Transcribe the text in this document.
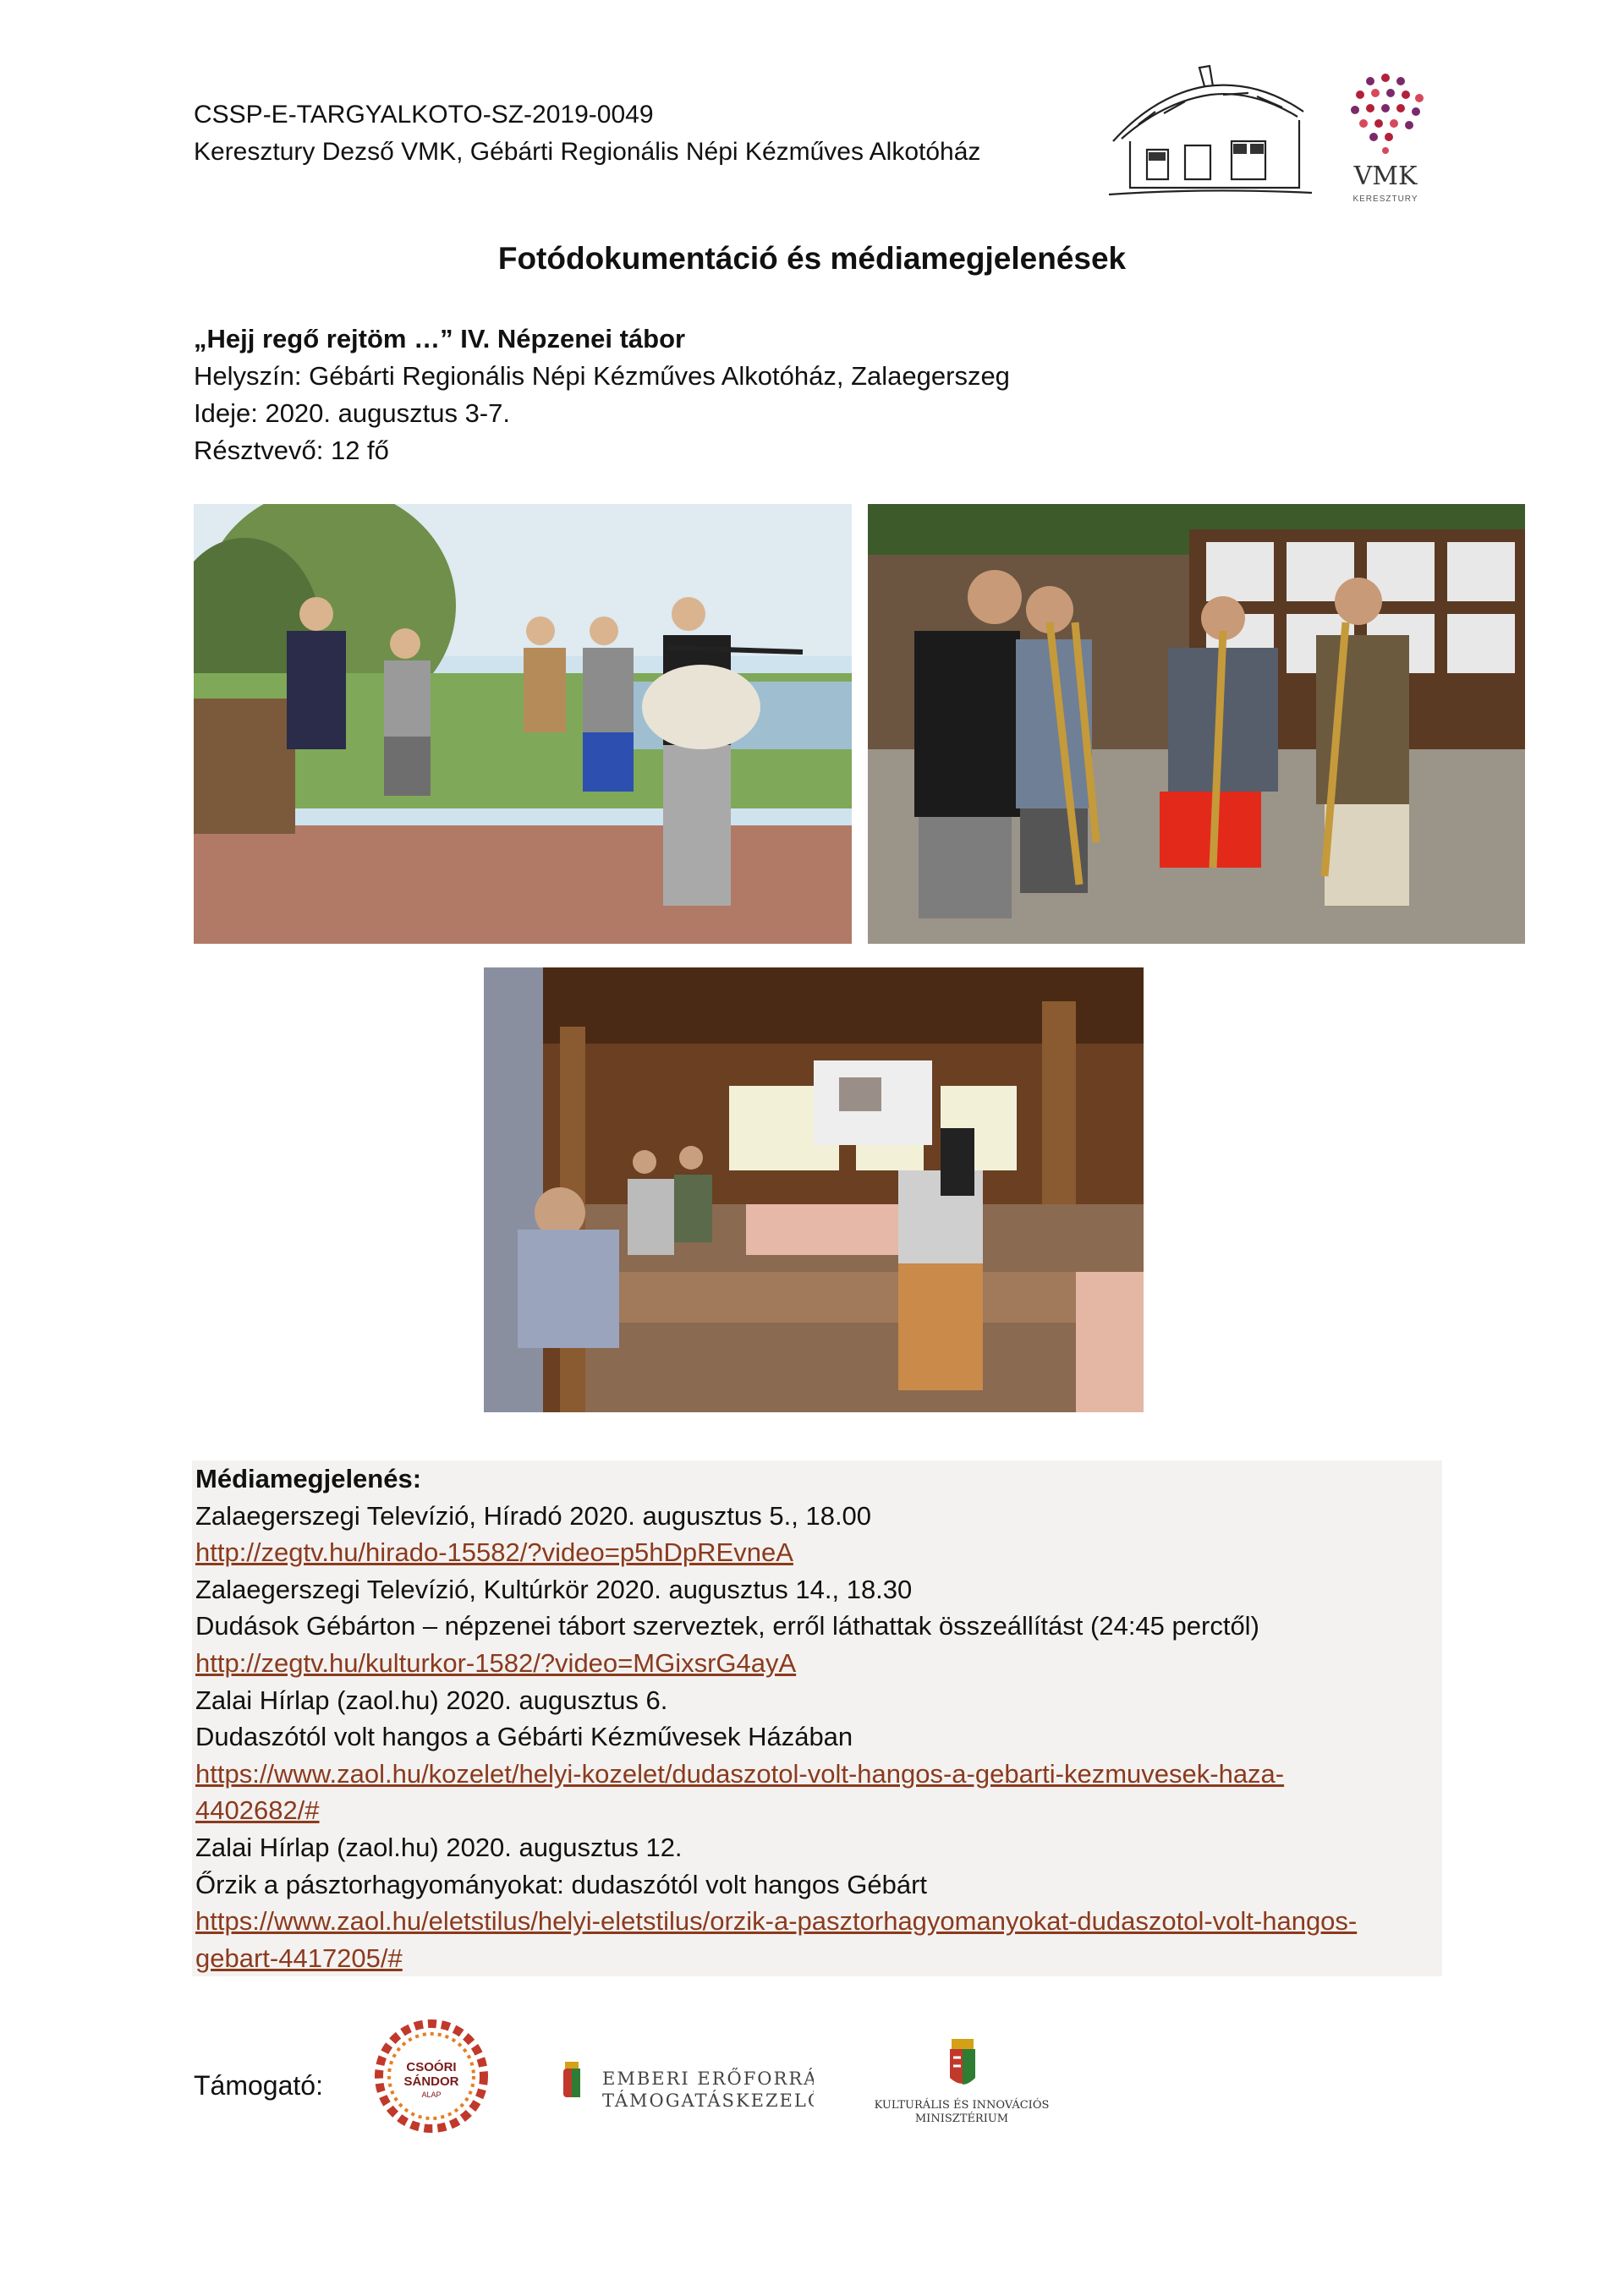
CSSP-E-TARGYALKOTO-SZ-2019-0049
Keresztury Dezső VMK, Gébárti Regionális Népi Kézműves Alkotóház
VMK
KERESZTURY
Fotódokumentáció és médiamegjelenések
„Hejj regő rejtöm …” IV. Népzenei tábor
Helyszín: Gébárti Regionális Népi Kézműves Alkotóház, Zalaegerszeg
Ideje: 2020. augusztus 3-7.
Résztvevő: 12 fő
Médiamegjelenés:
Zalaegerszegi Televízió, Híradó 2020. augusztus 5., 18.00
http://zegtv.hu/hirado-15582/?video=p5hDpREvneA
Zalaegerszegi Televízió, Kultúrkör 2020. augusztus 14., 18.30
Dudások Gébárton – népzenei tábort szerveztek, erről láthattak összeállítást (24:45 perctől)
http://zegtv.hu/kulturkor-1582/?video=MGixsrG4ayA
Zalai Hírlap (zaol.hu) 2020. augusztus 6.
Dudaszótól volt hangos a Gébárti Kézművesek Házában
https://www.zaol.hu/kozelet/helyi-kozelet/dudaszotol-volt-hangos-a-gebarti-kezmuvesek-haza-4402682/#
Zalai Hírlap (zaol.hu) 2020. augusztus 12.
Őrzik a pásztorhagyományokat: dudaszótól volt hangos Gébárt
https://www.zaol.hu/eletstilus/helyi-eletstilus/orzik-a-pasztorhagyomanyokat-dudaszotol-volt-hangos-gebart-4417205/#
Támogató:
CSOÓRI
SÁNDOR
ALAP
EMBERI ERŐFORRÁS
TÁMOGATÁSKEZELŐ	KULTURÁLIS ÉS INNOVÁCIÓS
MINISZTÉRIUM
